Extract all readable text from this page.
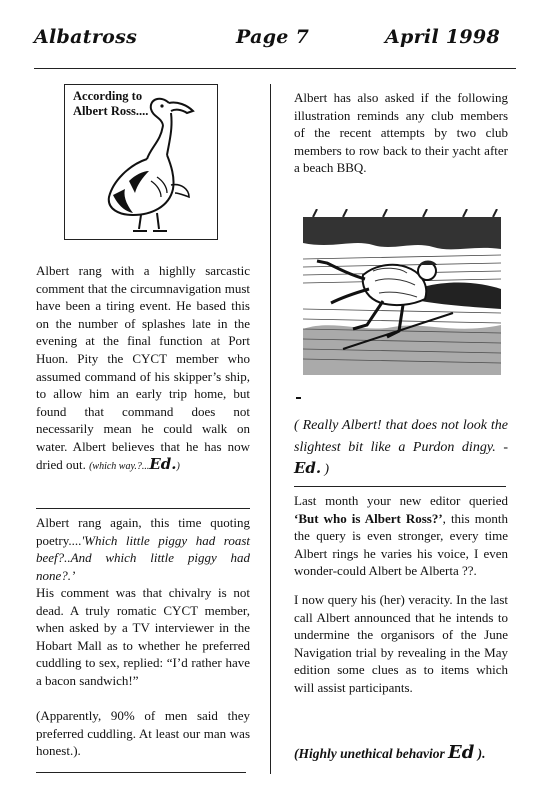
Albatross	Page 7	April 1998
According to
Albert Ross....

Albert rang with a highlly sarcastic comment that the circumnavigation must have been a tiring event. He based this on the number of splashes late in the evening at the final function at Port Huon. Pity the CYCT member who assumed command of his skipper’s ship, to allow him an early trip home, but found that command does not necessarily mean he could walk on water. Albert believes that he has now dried out. (which way.?...Ed.)

Albert rang again, this time quoting poetry....'Which little piggy had roast beef?..And which little piggy had none?.’

His comment was that chivalry is not dead. A truly romatic CYCT member, when asked by a TV interviewer in the Hobart Mall as to whether he preferred cuddling to sex, replied: “I’d rather have a bacon sandwich!”

(Apparently, 90% of men said they preferred cuddling. At least our man was honest.).

Albert has also asked if the following illustration reminds any club members of the recent attempts by two club members to row back to their yacht after a beach BBQ.

( Really Albert! that does not look the slightest bit like a Purdon dingy. - Ed. )

Last month your new editor queried ‘But who is Albert Ross?’, this month the query is even stronger, every time Albert rings he varies his voice, I even wonder-could Albert be Alberta ??.

I now query his (her) veracity. In the last call Albert announced that he intends to undermine the organisors of the June Navigation trial by revealing in the May edition some clues as to items which will assist participants.

(Highly unethical behavior Ed ).
